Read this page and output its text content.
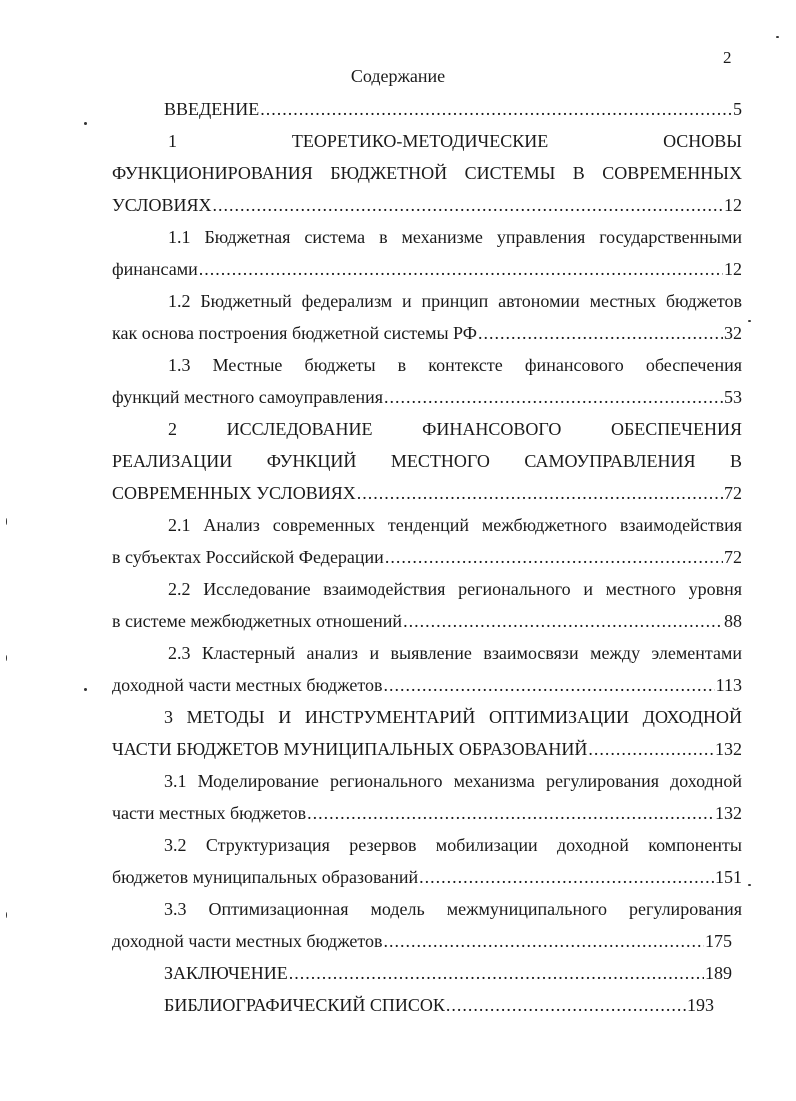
2
Содержание
ВВЕДЕНИЕ	5
.....
1 ТЕОРЕТИКО-МЕТОДИЧЕСКИЕ ОСНОВЫ
ФУНКЦИОНИРОВАНИЯ БЮДЖЕТНОЙ СИСТЕМЫ В СОВРЕМЕННЫХ
УСЛОВИЯХ	12
.....
1.1 Бюджетная система в механизме управления государственными
финансами	12
.....
1.2 Бюджетный федерализм и принцип автономии местных бюджетов
как основа построения бюджетной системы РФ	32
.....
1.3 Местные бюджеты в контексте финансового обеспечения
функций местного самоуправления	53
.....
2 ИССЛЕДОВАНИЕ ФИНАНСОВОГО ОБЕСПЕЧЕНИЯ
РЕАЛИЗАЦИИ ФУНКЦИЙ МЕСТНОГО САМОУПРАВЛЕНИЯ В
СОВРЕМЕННЫХ УСЛОВИЯХ	72
.....
2.1 Анализ современных тенденций межбюджетного взаимодействия
в субъектах Российской Федерации	72
.....
2.2 Исследование взаимодействия регионального и местного уровня
в системе межбюджетных отношений	88
.....
2.3 Кластерный анализ и выявление взаимосвязи между элементами
доходной части местных бюджетов	113
.....
3 МЕТОДЫ И ИНСТРУМЕНТАРИЙ ОПТИМИЗАЦИИ ДОХОДНОЙ
ЧАСТИ БЮДЖЕТОВ МУНИЦИПАЛЬНЫХ ОБРАЗОВАНИЙ	132
.....
3.1 Моделирование регионального механизма регулирования доходной
части местных бюджетов	132
.....
3.2 Структуризация резервов мобилизации доходной компоненты
бюджетов муниципальных образований	151
.....
3.3 Оптимизационная модель межмуниципального регулирования
доходной части местных бюджетов	175
.....
ЗАКЛЮЧЕНИЕ	189
.....
БИБЛИОГРАФИЧЕСКИЙ СПИСОК	193
.....
